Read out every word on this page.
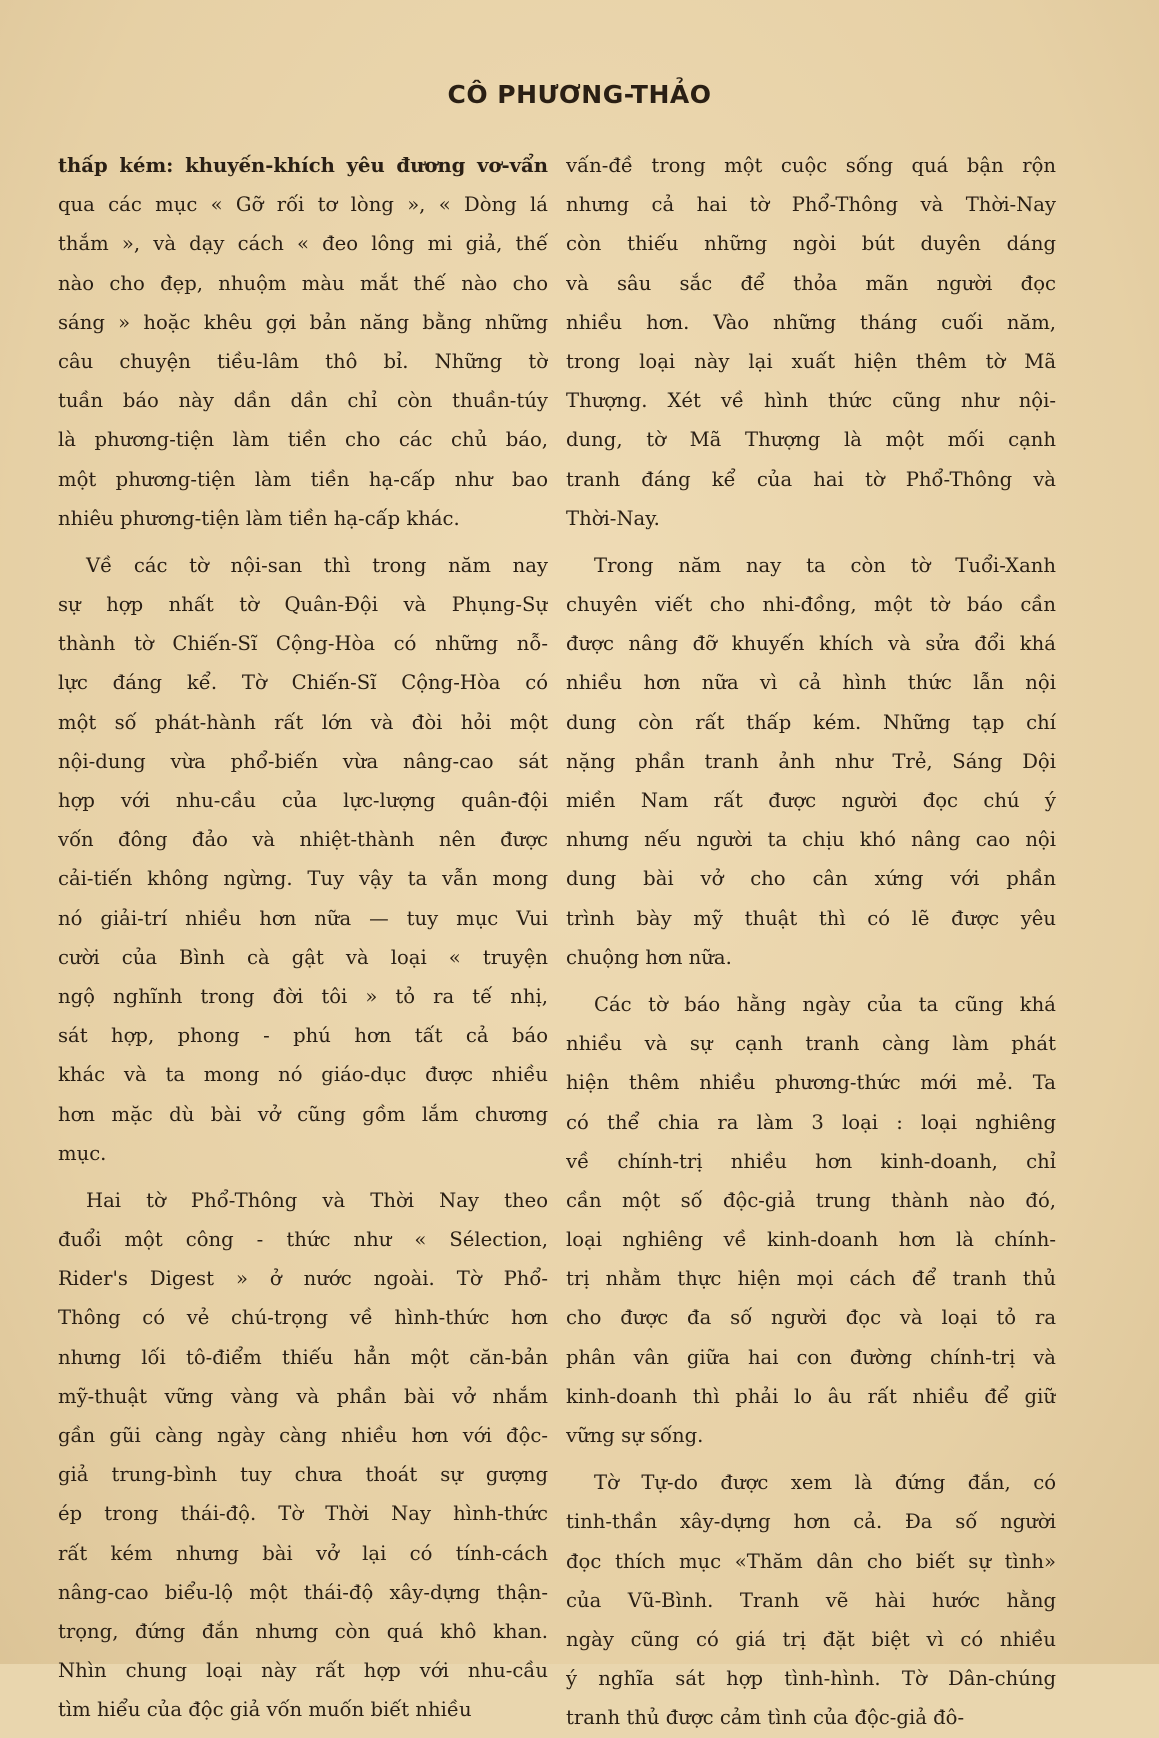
CÔ PHƯƠNG-THẢO
thấp kém: khuyến-khích yêu đương vơ-vẩn
qua các mục « Gỡ rối tơ lòng », « Dòng lá
thắm », và dạy cách « đeo lông mi giả, thế
nào cho đẹp, nhuộm màu mắt thế nào cho
sáng » hoặc khêu gợi bản năng bằng những
câu chuyện tiều-lâm thô bỉ. Những tờ
tuần báo này dần dần chỉ còn thuần-túy
là phương-tiện làm tiền cho các chủ báo,
một phương-tiện làm tiền hạ-cấp như bao
nhiêu phương-tiện làm tiền hạ-cấp khác.
Về các tờ nội-san thì trong năm nay
sự hợp nhất tờ Quân-Đội và Phụng-Sự
thành tờ Chiến-Sĩ Cộng-Hòa có những nỗ-
lực đáng kể. Tờ Chiến-Sĩ Cộng-Hòa có
một số phát-hành rất lớn và đòi hỏi một
nội-dung vừa phổ-biến vừa nâng-cao sát
hợp với nhu-cầu của lực-lượng quân-đội
vốn đông đảo và nhiệt-thành nên được
cải-tiến không ngừng. Tuy vậy ta vẫn mong
nó giải-trí nhiều hơn nữa — tuy mục Vui
cười của Bình cà gật và loại « truyện
ngộ nghĩnh trong đời tôi » tỏ ra tế nhị,
sát hợp, phong - phú hơn tất cả báo
khác và ta mong nó giáo-dục được nhiều
hơn mặc dù bài vở cũng gồm lắm chương
mục.
Hai tờ Phổ-Thông và Thời Nay theo
đuổi một công - thức như « Sélection,
Rider's Digest » ở nước ngoài. Tờ Phổ-
Thông có vẻ chú-trọng về hình-thức hơn
nhưng lối tô-điểm thiếu hẳn một căn-bản
mỹ-thuật vững vàng và phần bài vở nhắm
gần gũi càng ngày càng nhiều hơn với độc-
giả trung-bình tuy chưa thoát sự gượng
ép trong thái-độ. Tờ Thời Nay hình-thức
rất kém nhưng bài vở lại có tính-cách
nâng-cao biểu-lộ một thái-độ xây-dựng thận-
trọng, đứng đắn nhưng còn quá khô khan.
Nhìn chung loại này rất hợp với nhu-cầu
tìm hiểu của độc giả vốn muốn biết nhiều
vấn-đề trong một cuộc sống quá bận rộn
nhưng cả hai tờ Phổ-Thông và Thời-Nay
còn thiếu những ngòi bút duyên dáng
và sâu sắc để thỏa mãn người đọc
nhiều hơn. Vào những tháng cuối năm,
trong loại này lại xuất hiện thêm tờ Mã
Thượng. Xét về hình thức cũng như nội-
dung, tờ Mã Thượng là một mối cạnh
tranh đáng kể của hai tờ Phổ-Thông và
Thời-Nay.
Trong năm nay ta còn tờ Tuổi-Xanh
chuyên viết cho nhi-đồng, một tờ báo cần
được nâng đỡ khuyến khích và sửa đổi khá
nhiều hơn nữa vì cả hình thức lẫn nội
dung còn rất thấp kém. Những tạp chí
nặng phần tranh ảnh như Trẻ, Sáng Dội
miền Nam rất được người đọc chú ý
nhưng nếu người ta chịu khó nâng cao nội
dung bài vở cho cân xứng với phần
trình bày mỹ thuật thì có lẽ được yêu
chuộng hơn nữa.
Các tờ báo hằng ngày của ta cũng khá
nhiều và sự cạnh tranh càng làm phát
hiện thêm nhiều phương-thức mới mẻ. Ta
có thể chia ra làm 3 loại : loại nghiêng
về chính-trị nhiều hơn kinh-doanh, chỉ
cần một số độc-giả trung thành nào đó,
loại nghiêng về kinh-doanh hơn là chính-
trị nhằm thực hiện mọi cách để tranh thủ
cho được đa số người đọc và loại tỏ ra
phân vân giữa hai con đường chính-trị và
kinh-doanh thì phải lo âu rất nhiều để giữ
vững sự sống.
Tờ Tự-do được xem là đứng đắn, có
tinh-thần xây-dựng hơn cả. Đa số người
đọc thích mục «Thăm dân cho biết sự tình»
của Vũ-Bình. Tranh vẽ hài hước hằng
ngày cũng có giá trị đặt biệt vì có nhiều
ý nghĩa sát hợp tình-hình. Tờ Dân-chúng
tranh thủ được cảm tình của độc-giả đô-
